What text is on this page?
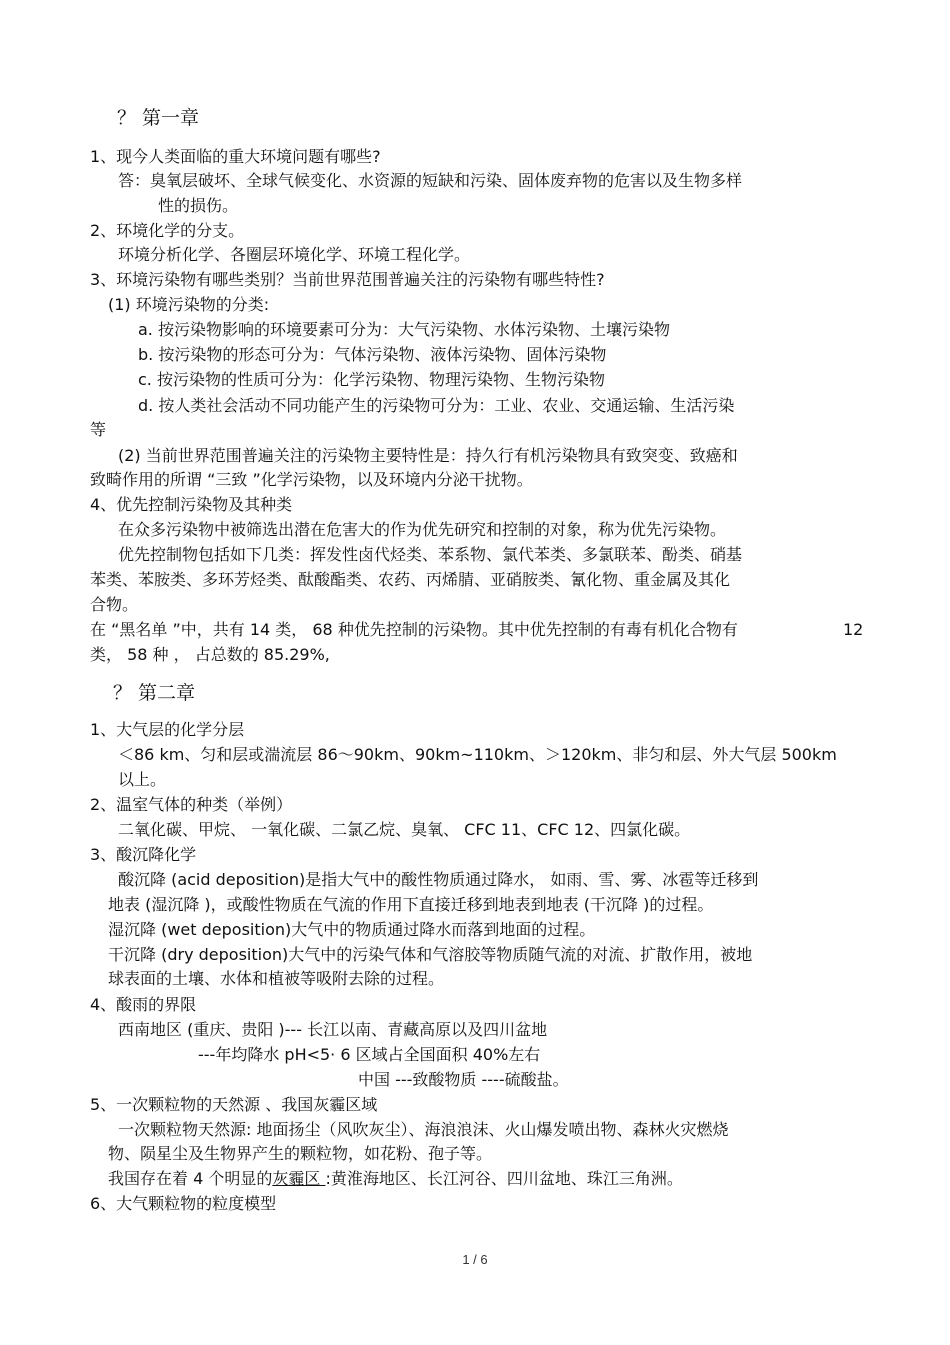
？ 第一章
1、现今人类面临的重大环境问题有哪些?
答：臭氧层破坏、全球气候变化、水资源的短缺和污染、固体废弃物的危害以及生物多样
性的损伤。
2、环境化学的分支。
环境分析化学、各圈层环境化学、环境工程化学。
3、环境污染物有哪些类别？当前世界范围普遍关注的污染物有哪些特性?
(1) 环境污染物的分类:
a. 按污染物影响的环境要素可分为：大气污染物、水体污染物、土壤污染物
b. 按污染物的形态可分为：气体污染物、液体污染物、固体污染物
c. 按污染物的性质可分为：化学污染物、物理污染物、生物污染物
d. 按人类社会活动不同功能产生的污染物可分为：工业、农业、交通运输、生活污染
等
(2) 当前世界范围普遍关注的污染物主要特性是：持久行有机污染物具有致突变、致癌和
致畸作用的所谓 “三致 ”化学污染物，以及环境内分泌干扰物。
4、优先控制污染物及其种类
在众多污染物中被筛选出潜在危害大的作为优先研究和控制的对象，称为优先污染物。
优先控制物包括如下几类：挥发性卤代烃类、苯系物、氯代苯类、多氯联苯、酚类、硝基
苯类、苯胺类、多环芳烃类、酞酸酯类、农药、丙烯腈、亚硝胺类、氰化物、重金属及其化
合物。
在 “黑名单 ”中，共有 14 类， 68 种优先控制的污染物。其中优先控制的有毒有机化合物有	12
类， 58 种 ， 占总数的 85.29%,
？ 第二章
1、大气层的化学分层
＜86 km、匀和层或湍流层 86～90km、90km~110km、＞120km、非匀和层、外大气层 500km
以上。
2、温室气体的种类（举例）
二氧化碳、甲烷、 一氧化碳、二氯乙烷、臭氧、 CFC 11、CFC 12、四氯化碳。
3、酸沉降化学
酸沉降 (acid deposition)是指大气中的酸性物质通过降水， 如雨、雪、雾、冰雹等迁移到
地表 (湿沉降 )，或酸性物质在气流的作用下直接迁移到地表到地表 (干沉降 )的过程。
湿沉降 (wet deposition)大气中的物质通过降水而落到地面的过程。
干沉降 (dry deposition)大气中的污染气体和气溶胶等物质随气流的对流、扩散作用，被地
球表面的土壤、水体和植被等吸附去除的过程。
4、酸雨的界限
西南地区 (重庆、贵阳 )--- 长江以南、青藏高原以及四川盆地
---年均降水 pH<5· 6 区域占全国面积 40%左右
中国 ---致酸物质 ----硫酸盐。
5、一次颗粒物的天然源 、我国灰霾区域
一次颗粒物天然源: 地面扬尘（风吹灰尘）、海浪浪沫、火山爆发喷出物、森林火灾燃烧
物、陨星尘及生物界产生的颗粒物，如花粉、孢子等。
我国存在着 4 个明显的灰霾区 :黄淮海地区、长江河谷、四川盆地、珠江三角洲。
6、大气颗粒物的粒度模型
1 / 6
